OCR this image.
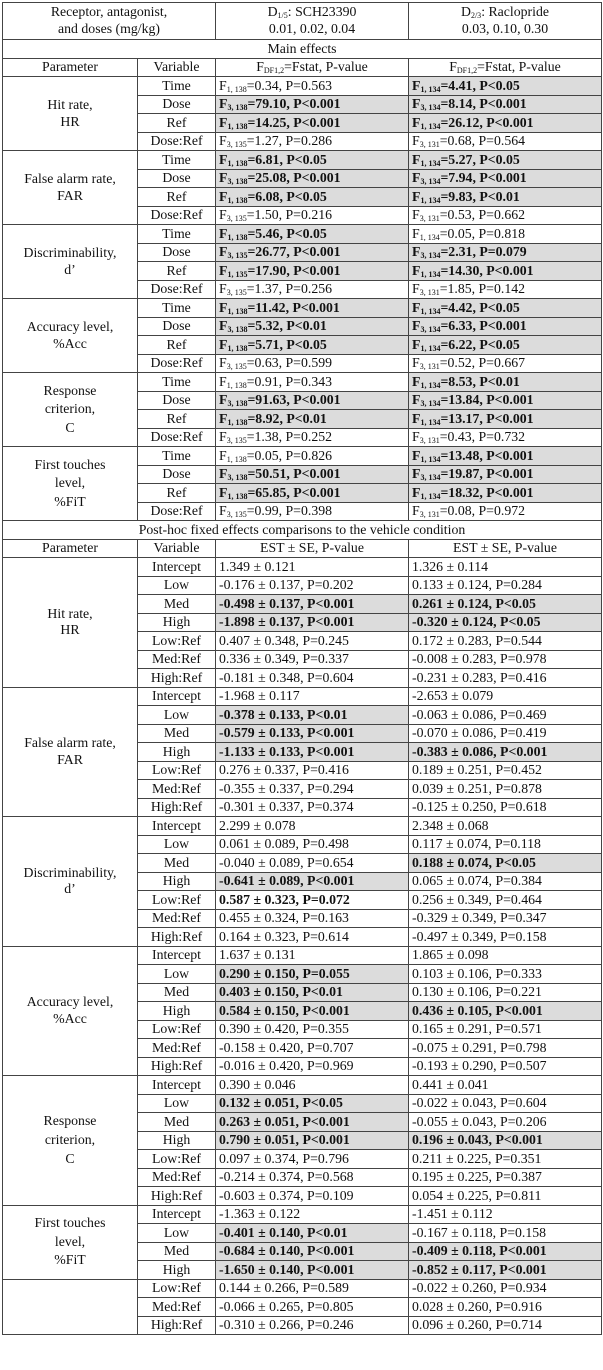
Receptor, antagonist,
and doses (mg/kg)		$D_{1/5}$: SCH23390
0.01, 0.02, 0.04	$D_{2/3}$: Raclopride
0.03, 0.10, 0.30
Main effects			
Parameter	Variable	$F_{DF1,2}=Fstat$, P-value	$F_{DF1,2}=Fstat$, P-value
Hit rate,
HR	Time	$F_{1, 138}=0.34$, P=0.563	$F_{1, 134}=4.41$, P<0.05
	Dose	$F_{3, 138}=79.10$, P<0.001	$F_{3, 134}=8.14$, P<0.001
	Ref	$F_{1, 138}=14.25$, P<0.001	$F_{1, 134}=26.12$, P<0.001
	Dose:Ref	$F_{3, 135}=1.27$, P=0.286	$F_{3, 131}=0.68$, P=0.564
False alarm rate,
FAR	Time	$F_{1, 138}=6.81$, P<0.05	$F_{1, 134}=5.27$, P<0.05
	Dose	$F_{3, 138}=25.08$, P<0.001	$F_{3, 134}=7.94$, P<0.001
	Ref	$F_{1, 138}=6.08$, P<0.05	$F_{1, 134}=9.83$, P<0.01
	Dose:Ref	$F_{3, 135}=1.50$, P=0.216	$F_{3, 131}=0.53$, P=0.662
Discriminability,
d’	Time	$F_{1, 138}=5.46$, P<0.05	$F_{1, 134}=0.05$, P=0.818
	Dose	$F_{3, 135}=26.77$, P<0.001	$F_{3, 134}=2.31$, P=0.079
	Ref	$F_{1, 135}=17.90$, P<0.001	$F_{1, 134}=14.30$, P<0.001
	Dose:Ref	$F_{3, 135}=1.37$, P=0.256	$F_{3, 131}=1.85$, P=0.142
Accuracy level,
%Acc	Time	$F_{1, 138}=11.42$, P<0.001	$F_{1, 134}=4.42$, P<0.05
	Dose	$F_{3, 138}=5.32$, P<0.01	$F_{3, 134}=6.33$, P<0.001
	Ref	$F_{1, 138}=5.71$, P<0.05	$F_{1, 134}=6.22$, P<0.05
	Dose:Ref	$F_{3, 135}=0.63$, P=0.599	$F_{3, 131}=0.52$, P=0.667
Response
criterion,
C	Time	$F_{1, 138}=0.91$, P=0.343	$F_{1, 134}=8.53$, P<0.01
	Dose	$F_{3, 138}=91.63$, P<0.001	$F_{3, 134}=13.84$, P<0.001
	Ref	$F_{1, 138}=8.92$, P<0.01	$F_{1, 134}=13.17$, P<0.001
	Dose:Ref	$F_{3, 135}=1.38$, P=0.252	$F_{3, 131}=0.43$, P=0.732
First touches
level,
%FiT	Time	$F_{1, 138}=0.05$, P=0.826	$F_{1, 134}=13.48$, P<0.001
	Dose	$F_{3, 138}=50.51$, P<0.001	$F_{3, 134}=19.87$, P<0.001
	Ref	$F_{1, 138}=65.85$, P<0.001	$F_{1, 134}=18.32$, P<0.001
	Dose:Ref	$F_{3, 135}=0.99$, P=0.398	$F_{3, 131}=0.08$, P=0.972
Post-hoc fixed effects comparisons to the vehicle condition			
Parameter	Variable	EST ± SE, P-value	EST ± SE, P-value
Hit rate,
HR	Intercept	1.349 ± 0.121	1.326 ± 0.114
	Low	-0.176 ± 0.137, P=0.202	0.133 ± 0.124, P=0.284
	Med	-0.498 ± 0.137, P<0.001	0.261 ± 0.124, P<0.05
	High	-1.898 ± 0.137, P<0.001	-0.320 ± 0.124, P<0.05
	Low:Ref	0.407 ± 0.348, P=0.245	0.172 ± 0.283, P=0.544
	Med:Ref	0.336 ± 0.349, P=0.337	-0.008 ± 0.283, P=0.978
	High:Ref	-0.181 ± 0.348, P=0.604	-0.231 ± 0.283, P=0.416
False alarm rate,
FAR	Intercept	-1.968 ± 0.117	-2.653 ± 0.079
	Low	-0.378 ± 0.133, P<0.01	-0.063 ± 0.086, P=0.469
	Med	-0.579 ± 0.133, P<0.001	-0.070 ± 0.086, P=0.419
	High	-1.133 ± 0.133, P<0.001	-0.383 ± 0.086, P<0.001
	Low:Ref	0.276 ± 0.337, P=0.416	0.189 ± 0.251, P=0.452
	Med:Ref	-0.355 ± 0.337, P=0.294	0.039 ± 0.251, P=0.878
	High:Ref	-0.301 ± 0.337, P=0.374	-0.125 ± 0.250, P=0.618
Discriminability,
d’	Intercept	2.299 ± 0.078	2.348 ± 0.068
	Low	0.061 ± 0.089, P=0.498	0.117 ± 0.074, P=0.118
	Med	-0.040 ± 0.089, P=0.654	0.188 ± 0.074, P<0.05
	High	-0.641 ± 0.089, P<0.001	0.065 ± 0.074, P=0.384
	Low:Ref	0.587 ± 0.323, P=0.072	0.256 ± 0.349, P=0.464
	Med:Ref	0.455 ± 0.324, P=0.163	-0.329 ± 0.349, P=0.347
	High:Ref	0.164 ± 0.323, P=0.614	-0.497 ± 0.349, P=0.158
Accuracy level,
%Acc	Intercept	1.637 ± 0.131	1.865 ± 0.098
	Low	0.290 ± 0.150, P=0.055	0.103 ± 0.106, P=0.333
	Med	0.403 ± 0.150, P<0.01	0.130 ± 0.106, P=0.221
	High	0.584 ± 0.150, P<0.001	0.436 ± 0.105, P<0.001
	Low:Ref	0.390 ± 0.420, P=0.355	0.165 ± 0.291, P=0.571
	Med:Ref	-0.158 ± 0.420, P=0.707	-0.075 ± 0.291, P=0.798
	High:Ref	-0.016 ± 0.420, P=0.969	-0.193 ± 0.290, P=0.507
Response
criterion,
C	Intercept	0.390 ± 0.046	0.441 ± 0.041
	Low	0.132 ± 0.051, P<0.05	-0.022 ± 0.043, P=0.604
	Med	0.263 ± 0.051, P<0.001	-0.055 ± 0.043, P=0.206
	High	0.790 ± 0.051, P<0.001	0.196 ± 0.043, P<0.001
	Low:Ref	0.097 ± 0.374, P=0.796	0.211 ± 0.225, P=0.351
	Med:Ref	-0.214 ± 0.374, P=0.568	0.195 ± 0.225, P=0.387
	High:Ref	-0.603 ± 0.374, P=0.109	0.054 ± 0.225, P=0.811
First touches
level,
%FiT	Intercept	-1.363 ± 0.122	-1.451 ± 0.112
	Low	-0.401 ± 0.140, P<0.01	-0.167 ± 0.118, P=0.158
	Med	-0.684 ± 0.140, P<0.001	-0.409 ± 0.118, P<0.001
	High	-1.650 ± 0.140, P<0.001	-0.852 ± 0.117, P<0.001
	Low:Ref	0.144 ± 0.266, P=0.589	-0.022 ± 0.260, P=0.934
	Med:Ref	-0.066 ± 0.265, P=0.805	0.028 ± 0.260, P=0.916
	High:Ref	-0.310 ± 0.266, P=0.246	0.096 ± 0.260, P=0.714
